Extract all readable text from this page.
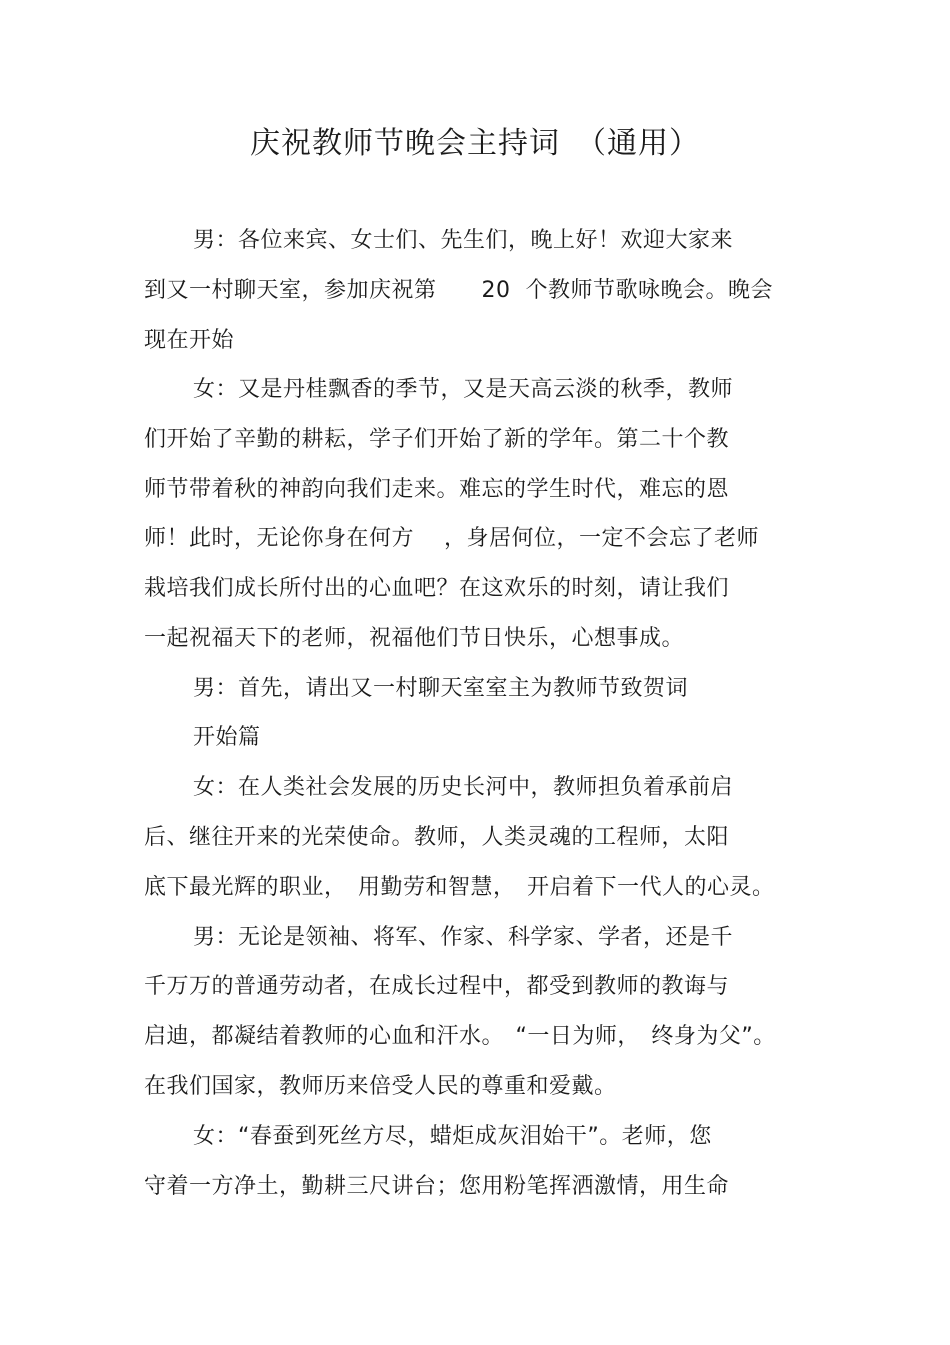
庆祝教师节晚会主持词　（通用）
男：各位来宾、女士们、先生们，晚上好！欢迎大家来
到又一村聊天室，参加庆祝第　　20  个教师节歌咏晚会。晚会
现在开始
女：又是丹桂飘香的季节，又是天高云淡的秋季，教师
们开始了辛勤的耕耘，学子们开始了新的学年。第二十个教
师节带着秋的神韵向我们走来。难忘的学生时代，难忘的恩
师！此时，无论你身在何方　 ，身居何位，一定不会忘了老师
栽培我们成长所付出的心血吧？在这欢乐的时刻，请让我们
一起祝福天下的老师，祝福他们节日快乐，心想事成。
男：首先，请出又一村聊天室室主为教师节致贺词
开始篇
女：在人类社会发展的历史长河中，教师担负着承前启
后、继往开来的光荣使命。教师，人类灵魂的工程师，太阳
底下最光辉的职业，　用勤劳和智慧，　开启着下一代人的心灵。
男：无论是领袖、将军、作家、科学家、学者，还是千
千万万的普通劳动者，在成长过程中，都受到教师的教诲与
启迪，都凝结着教师的心血和汗水。　“一日为师，　终身为父”。
在我们国家，教师历来倍受人民的尊重和爱戴。
女：“春蚕到死丝方尽，蜡炬成灰泪始干”。老师，您
守着一方净土，勤耕三尺讲台；您用粉笔挥洒激情，用生命
